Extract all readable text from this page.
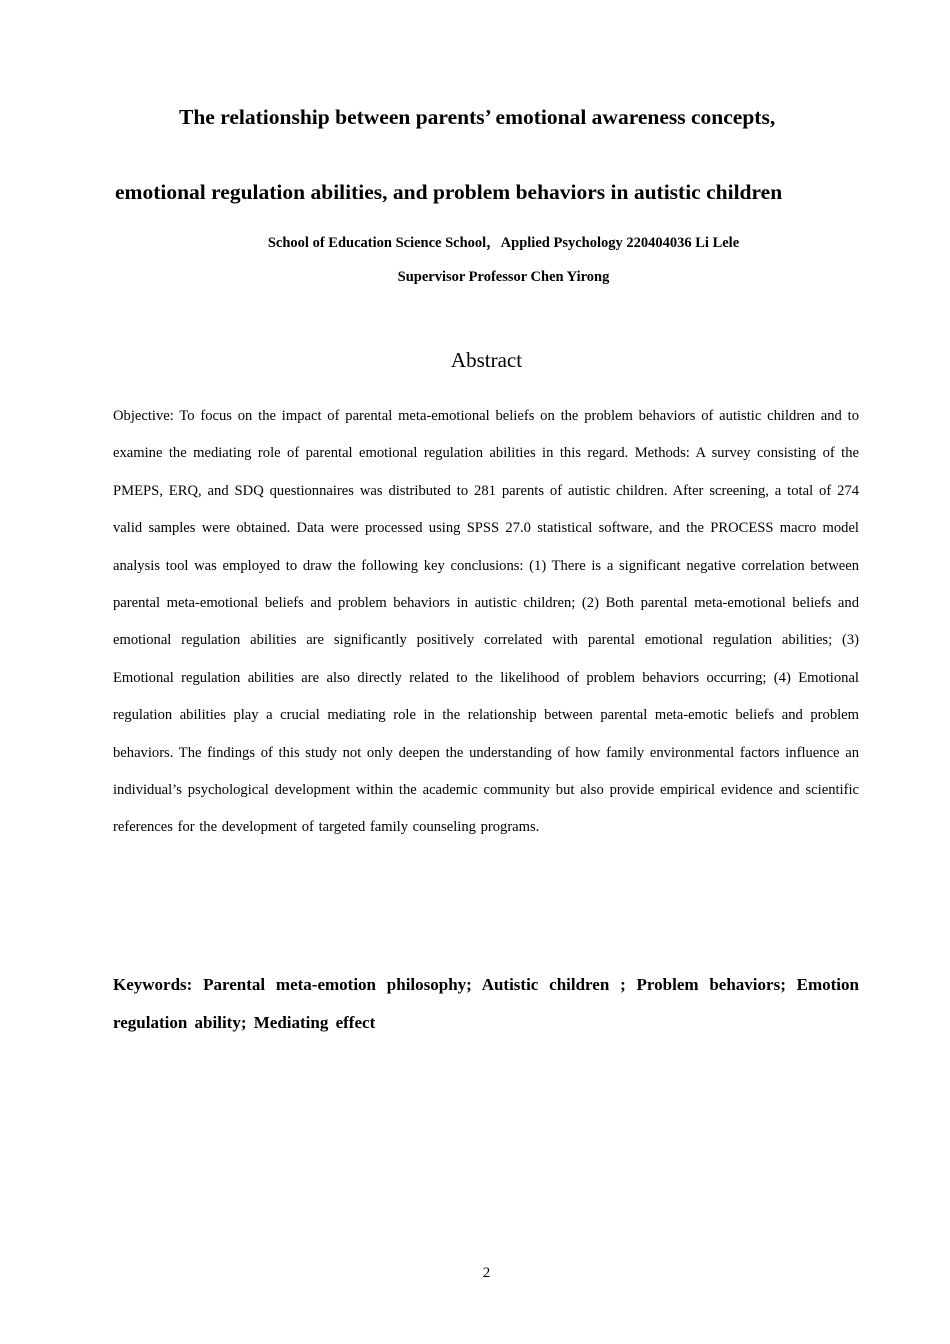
The relationship between parents’ emotional awareness concepts,
emotional regulation abilities, and problem behaviors in autistic children
School of Education Science School，Applied Psychology 220404036 Li Lele
Supervisor Professor Chen Yirong
Abstract
Objective: To focus on the impact of parental meta-emotional beliefs on the problem behaviors of autistic children and to examine the mediating role of parental emotional regulation abilities in this regard. Methods: A survey consisting of the PMEPS, ERQ, and SDQ questionnaires was distributed to 281 parents of autistic children. After screening, a total of 274 valid samples were obtained. Data were processed using SPSS 27.0 statistical software, and the PROCESS macro model analysis tool was employed to draw the following key conclusions: (1) There is a significant negative correlation between parental meta-emotional beliefs and problem behaviors in autistic children; (2) Both parental meta-emotional beliefs and emotional regulation abilities are significantly positively correlated with parental emotional regulation abilities; (3) Emotional regulation abilities are also directly related to the likelihood of problem behaviors occurring; (4) Emotional regulation abilities play a crucial mediating role in the relationship between parental meta-emotic beliefs and problem behaviors. The findings of this study not only deepen the understanding of how family environmental factors influence an individual’s psychological development within the academic community but also provide empirical evidence and scientific references for the development of targeted family counseling programs.
Keywords: Parental meta-emotion philosophy; Autistic children ; Problem behaviors; Emotion regulation ability; Mediating effect
2
